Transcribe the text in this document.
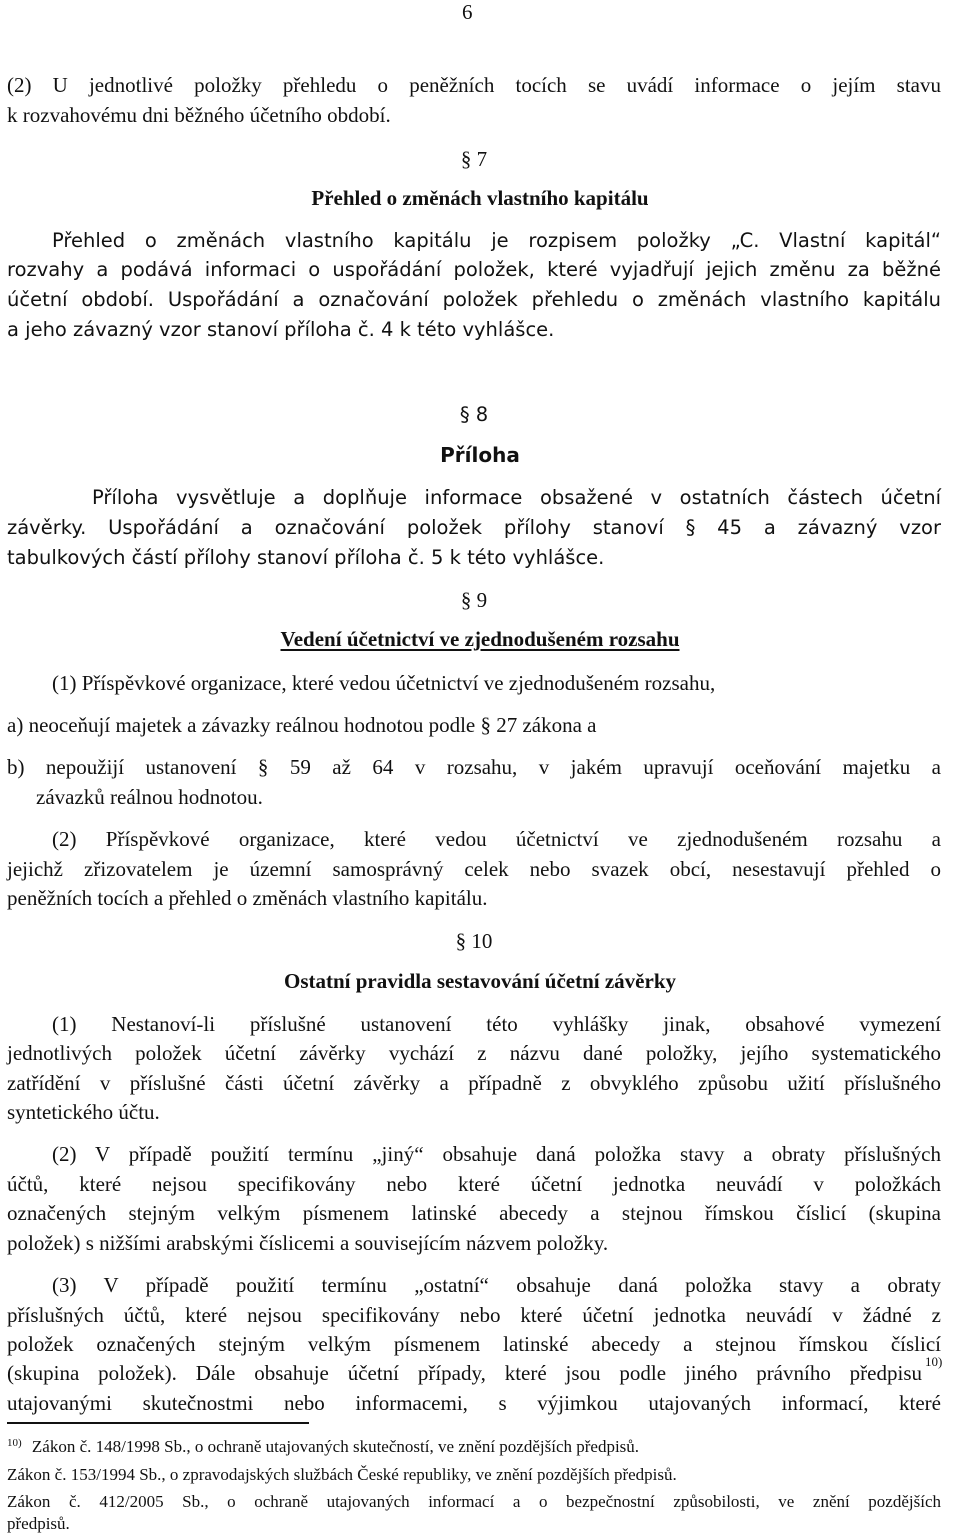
6
(2) U jednotlivé položky přehledu o peněžních tocích se uvádí informace o jejím stavu
k rozvahovému dni běžného účetního období.
§ 7
Přehled o změnách vlastního kapitálu
Přehled o změnách vlastního kapitálu je rozpisem položky „C. Vlastní kapitál“
rozvahy a podává informaci o uspořádání položek, které vyjadřují jejich změnu za běžné
účetní období. Uspořádání a označování položek přehledu o změnách vlastního kapitálu
a jeho závazný vzor stanoví příloha č. 4 k této vyhlášce.
§ 8
Příloha
Příloha vysvětluje a doplňuje informace obsažené v ostatních částech účetní
závěrky. Uspořádání a označování položek přílohy stanoví § 45 a závazný vzor
tabulkových částí přílohy stanoví příloha č. 5 k této vyhlášce.
§ 9
Vedení účetnictví ve zjednodušeném rozsahu
(1) Příspěvkové organizace, které vedou účetnictví ve zjednodušeném rozsahu,
a) neoceňují majetek a závazky reálnou hodnotou podle § 27 zákona a
b) nepoužijí ustanovení § 59 až 64 v rozsahu, v jakém upravují oceňování majetku a
závazků reálnou hodnotou.
(2) Příspěvkové organizace, které vedou účetnictví ve zjednodušeném rozsahu a
jejichž zřizovatelem je územní samosprávný celek nebo svazek obcí, nesestavují přehled o
peněžních tocích a přehled o změnách vlastního kapitálu.
§ 10
Ostatní pravidla sestavování účetní závěrky
(1) Nestanoví-li příslušné ustanovení této vyhlášky jinak, obsahové vymezení
jednotlivých položek účetní závěrky vychází z názvu dané položky, jejího systematického
zatřídění v příslušné části účetní závěrky a případně z obvyklého způsobu užití příslušného
syntetického účtu.
(2) V případě použití termínu „jiný“ obsahuje daná položka stavy a obraty příslušných
účtů, které nejsou specifikovány nebo které účetní jednotka neuvádí v položkách
označených stejným velkým písmenem latinské abecedy a stejnou římskou číslicí (skupina
položek) s nižšími arabskými číslicemi a souvisejícím názvem položky.
(3) V případě použití termínu „ostatní“ obsahuje daná položka stavy a obraty
příslušných účtů, které nejsou specifikovány nebo které účetní jednotka neuvádí v žádné z
položek označených stejným velkým písmenem latinské abecedy a stejnou římskou číslicí
(skupina položek). Dále obsahuje účetní případy, které jsou podle jiného právního předpisu 10)
utajovanými skutečnostmi nebo informacemi, s výjimkou utajovaných informací, které
$^{10)}$ Zákon č. 148/1998 Sb., o ochraně utajovaných skutečností, ve znění pozdějších předpisů.
Zákon č. 153/1994 Sb., o zpravodajských službách České republiky, ve znění pozdějších předpisů.
Zákon č. 412/2005 Sb., o ochraně utajovaných informací a o bezpečnostní způsobilosti, ve znění pozdějších
předpisů.
